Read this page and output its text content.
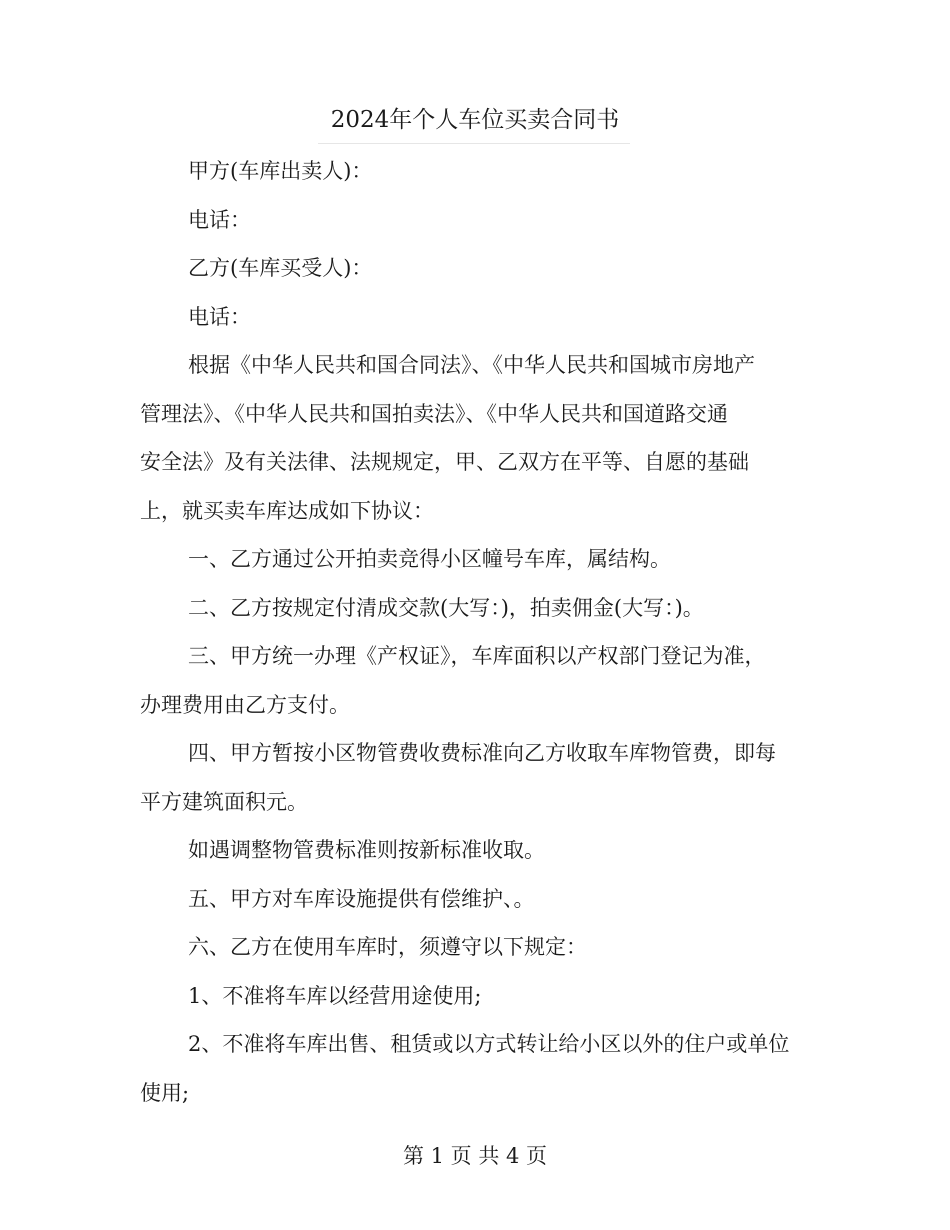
2024年个人车位买卖合同书

甲方(车库出卖人)：

电话：

乙方(车库买受人)：

电话：

根据《中华人民共和国合同法》、《中华人民共和国城市房地产

管理法》、《中华人民共和国拍卖法》、《中华人民共和国道路交通

安全法》及有关法律、法规规定，甲、乙双方在平等、自愿的基础

上，就买卖车库达成如下协议：

一、乙方通过公开拍卖竞得小区幢号车库，属结构。

二、乙方按规定付清成交款(大写：)，拍卖佣金(大写：)。

三、甲方统一办理《产权证》，车库面积以产权部门登记为准，

办理费用由乙方支付。

四、甲方暂按小区物管费收费标准向乙方收取车库物管费，即每

平方建筑面积元。

如遇调整物管费标准则按新标准收取。

五、甲方对车库设施提供有偿维护、。

六、乙方在使用车库时，须遵守以下规定：

1、不准将车库以经营用途使用;

2、不准将车库出售、租赁或以方式转让给小区以外的住户或单位

使用;

第 1 页 共 4 页
